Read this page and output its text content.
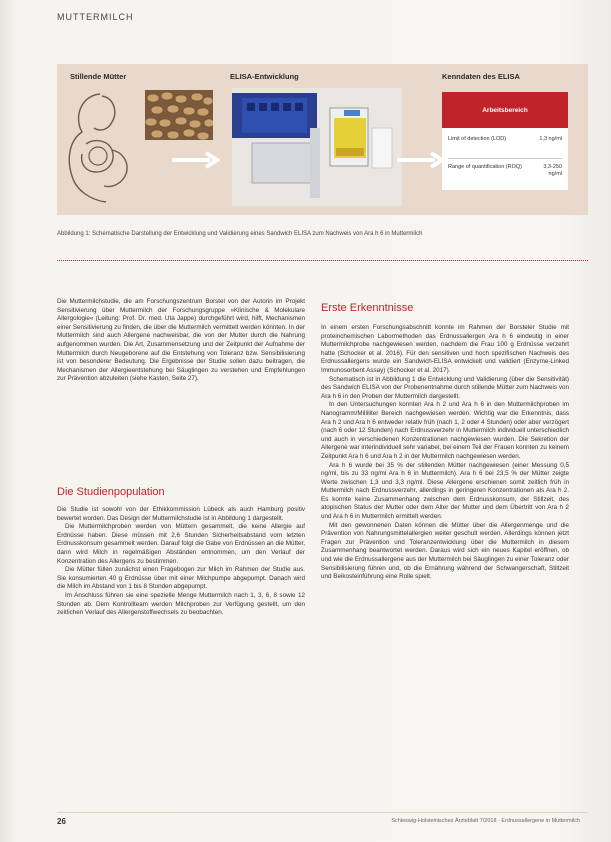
MUTTERMILCH
Stillende Mütter	ELISA-Entwicklung	Kenndaten des ELISA
Arbeitsbereich
Limit of detection (LOD)	1,3 ng/ml
Range of quantification (ROQ)	3,3-250 ng/ml
Abbildung 1: Schematische Darstellung der Entwicklung und Validierung eines Sandwich ELISA zum Nachweis von Ara h 6 in Muttermilch

Die Muttermilchstudie, die am Forschungszentrum Borstel von der Autorin im Projekt Sensitivierung über Muttermilch der Forschungsgruppe »Klinische & Molekulare Allergologie« (Leitung: Prof. Dr. med. Uta Jappe) durchgeführt wird, hilft, Mechanismen einer Sensitivierung zu finden, die über die Muttermilch vermittelt werden könnten. In der Muttermilch sind auch Allergene nachweisbar, die von der Mutter durch die Nahrung aufgenommen wurden. Die Art, Zusammensetzung und der Zeitpunkt der Aufnahme der Muttermilch durch Neugeborene auf die Entstehung von Toleranz bzw. Sensibilisierung ist von besonderer Bedeutung. Die Ergebnisse der Studie sollen dazu beitragen, die Mechanismen der Allergieentstehung bei Säuglingen zu verstehen und Empfehlungen zur Prävention abzuleiten (siehe Kasten, Seite 27).

Die Studienpopulation

Die Studie ist sowohl von der Ethikkommission Lübeck als auch Hamburg positiv bewertet worden. Das Design der Muttermilchstudie ist in Abbildung 1 dargestellt.

Die Muttermilchproben werden von Müttern gesammelt, die keine Allergie auf Erdnüsse haben. Diese müssen mit 2,6 Stunden Sicherheitsabstand vom letzten Erdnusskonsum gesammelt werden. Darauf folgt die Gabe von Erdnüssen an die Mütter, dann wird Milch in regelmäßigen Abständen entnommen, um den Verlauf der Konzentration des Allergens zu bestimmen.

Die Mütter füllen zunächst einen Fragebogen zur Milch im Rahmen der Studie aus. Sie konsumierten 40 g Erdnüsse über mit einer Milchpumpe abgepumpt. Danach wird die Milch im Abstand von 1 bis 8 Stunden abgepumpt.

Im Anschluss führen sie eine spezielle Menge Muttermilch nach 1, 3, 6, 8 sowie 12 Stunden ab. Dem Kontrollteam werden Milchproben zur Verfügung gestellt, um den zeitlichen Verlauf des Allergenstoffwechsels zu beobachten.

Erste Erkenntnisse

In einem ersten Forschungsabschnitt konnte im Rahmen der Borsteler Studie mit proteinchemischen Labormethoden das Erdnussallergen Ara h 6 eindeutig in einer Muttermilchprobe nachgewiesen werden, nachdem die Frau 100 g Erdnüsse verzehrt hatte (Schocker et al. 2016). Für den sensitiven und hoch spezifischen Nachweis des Erdnussallergens wurde ein Sandwich-ELISA entwickelt und validiert (Enzyme-Linked Immunosorbent Assay) (Schocker et al. 2017).

Schematisch ist in Abbildung 1 die Entwicklung und Validierung (über die Sensitivität) des Sandwich ELISA von der Probenentnahme durch stillende Mütter zum Nachweis von Ara h 6 in den Proben der Muttermilch dargestellt.

In den Untersuchungen konnten Ara h 2 und Ara h 6 in den Muttermilchproben im Nanogramm/Milliliter Bereich nachgewiesen werden. Wichtig war die Erkenntnis, dass Ara h 2 und Ara h 6 entweder relativ früh (nach 1, 2 oder 4 Stunden) oder aber verzögert (nach 6 oder 12 Stunden) nach Erdnussverzehr in Muttermilch individuell unterschiedlich und auch in verschiedenen Konzentrationen nachgewiesen wurden. Die Sekretion der Allergene war interindividuell sehr variabel, bei einem Teil der Frauen konnten zu keinem Zeitpunkt Ara h 6 und Ara h 2 in der Muttermilch nachgewiesen werden.

Ara h 6 wurde bei 35 % der stillenden Mütter nachgewiesen (einer Messung 0,5 ng/ml, bis zu 33 ng/ml Ara h 6 in Muttermilch). Ara h 6 bei 23,5 % der Mütter zeigte Werte zwischen 1,3 und 3,3 ng/ml. Diese Allergene erschienen somit zeitlich früh in Muttermilch nach Erdnussverzehr, allerdings in geringeren Konzentrationen als Ara h 2. Es konnte keine Zusammenhang zwischen dem Erdnusskonsum, der Stillzeit, des atopischen Status der Mutter oder dem Alter der Mutter und dem Übertritt von Ara h 2 und Ara h 6 in Muttermilch ermittelt werden.

Mit den gewonnenen Daten können die Mütter über die Allergenmenge und die Prävention von Nahrungsmittelallergien weiter geschult werden. Allerdings können jetzt Fragen zur Prävention und Toleranzentwicklung über die Muttermilch in diesem Zusammenhang beantwortet werden. Daraus wird sich ein neues Kapitel eröffnen, ob und wie die Erdnussallergene aus der Muttermilch bei Säuglingen zu einer Toleranz oder Sensibilisierung führen und, ob die Ernährung während der Schwangerschaft, Stillzeit und Beikosteinführung eine Rolle spielt.

26	Schleswig-Holsteinisches Ärzteblatt 7/2018 · Erdnussallergene in Muttermilch
